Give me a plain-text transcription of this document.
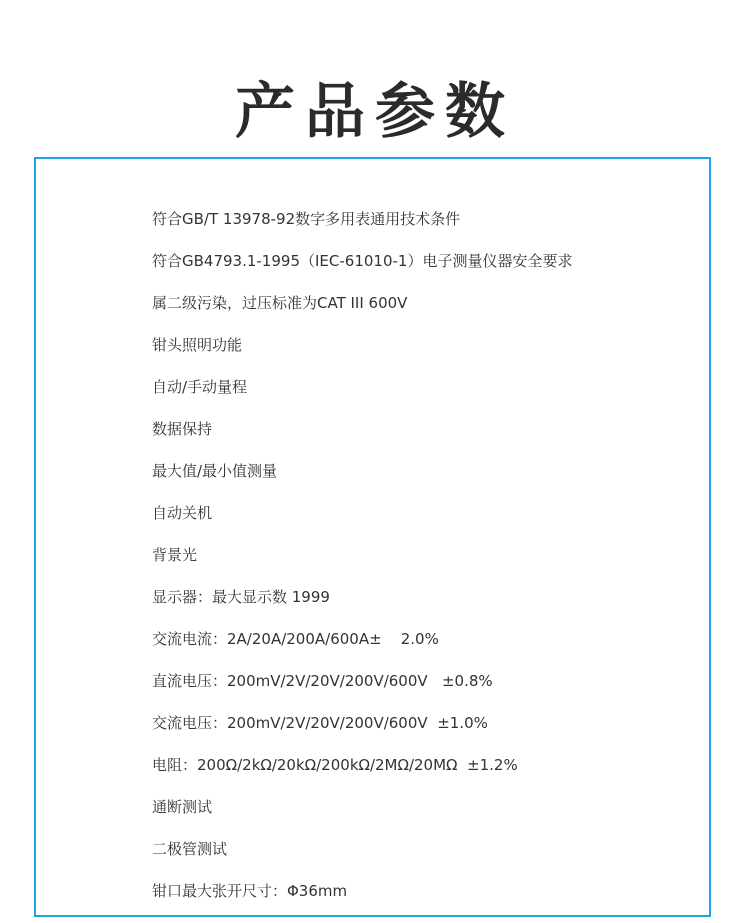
产品参数
符合GB/T 13978-92数字多用表通用技术条件
符合GB4793.1-1995（IEC-61010-1）电子测量仪器安全要求
属二级污染，过压标准为CAT III 600V
钳头照明功能
自动/手动量程
数据保持
最大值/最小值测量
自动关机
背景光
显示器：最大显示数 1999
交流电流：2A/20A/200A/600A±    2.0%
直流电压：200mV/2V/20V/200V/600V   ±0.8%
交流电压：200mV/2V/20V/200V/600V  ±1.0%
电阻：200Ω/2kΩ/20kΩ/200kΩ/2MΩ/20MΩ  ±1.2%
通断测试
二极管测试
钳口最大张开尺寸：Φ36mm
